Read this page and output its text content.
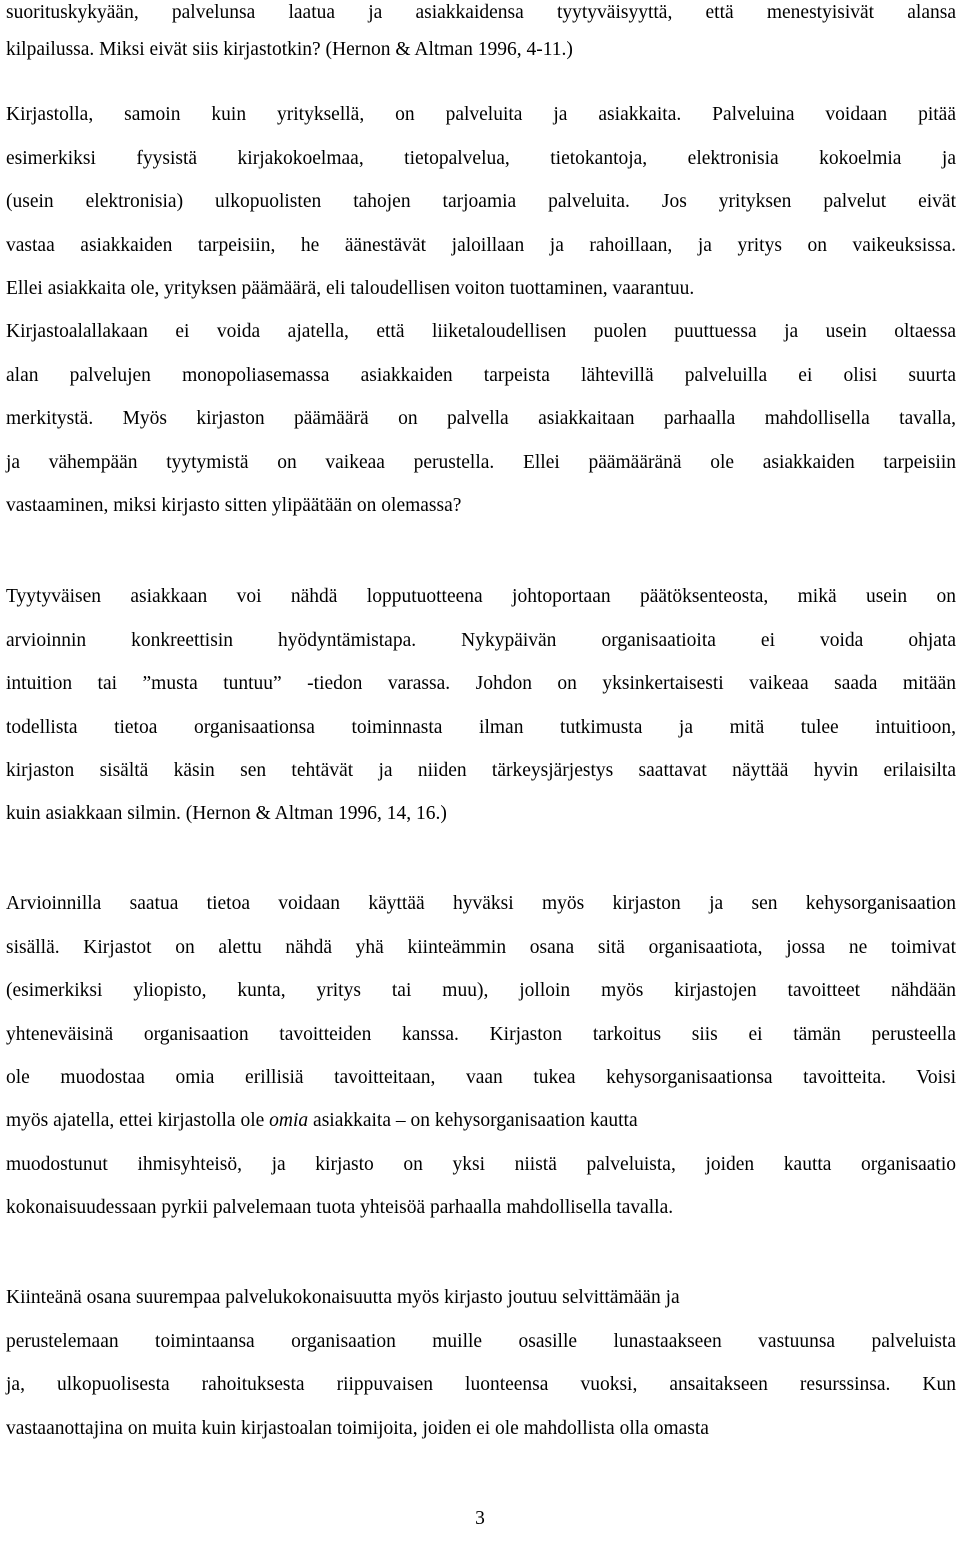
suorituskykyään, palvelunsa laatua ja asiakkaidensa tyytyväisyyttä, että menestyisivät alansa
kilpailussa. Miksi eivät siis kirjastotkin? (Hernon & Altman 1996, 4-11.)
Kirjastolla, samoin kuin yrityksellä, on palveluita ja asiakkaita. Palveluina voidaan pitää
esimerkiksi fyysistä kirjakokoelmaa, tietopalvelua, tietokantoja, elektronisia kokoelmia ja
(usein elektronisia) ulkopuolisten tahojen tarjoamia palveluita. Jos yrityksen palvelut eivät
vastaa asiakkaiden tarpeisiin, he äänestävät jaloillaan ja rahoillaan, ja yritys on vaikeuksissa.
Ellei asiakkaita ole, yrityksen päämäärä, eli taloudellisen voiton tuottaminen, vaarantuu.
Kirjastoalallakaan ei voida ajatella, että liiketaloudellisen puolen puuttuessa ja usein oltaessa
alan palvelujen monopoliasemassa asiakkaiden tarpeista lähtevillä palveluilla ei olisi suurta
merkitystä. Myös kirjaston päämäärä on palvella asiakkaitaan parhaalla mahdollisella tavalla,
ja vähempään tyytymistä on vaikeaa perustella. Ellei päämääränä ole asiakkaiden tarpeisiin
vastaaminen, miksi kirjasto sitten ylipäätään on olemassa?
Tyytyväisen asiakkaan voi nähdä lopputuotteena johtoportaan päätöksenteosta, mikä usein on
arvioinnin konkreettisin hyödyntämistapa. Nykypäivän organisaatioita ei voida ohjata
intuition tai ”musta tuntuu” -tiedon varassa. Johdon on yksinkertaisesti vaikeaa saada mitään
todellista tietoa organisaationsa toiminnasta ilman tutkimusta ja mitä tulee intuitioon,
kirjaston sisältä käsin sen tehtävät ja niiden tärkeysjärjestys saattavat näyttää hyvin erilaisilta
kuin asiakkaan silmin. (Hernon & Altman 1996, 14, 16.)
Arvioinnilla saatua tietoa voidaan käyttää hyväksi myös kirjaston ja sen kehysorganisaation
sisällä. Kirjastot on alettu nähdä yhä kiinteämmin osana sitä organisaatiota, jossa ne toimivat
(esimerkiksi yliopisto, kunta, yritys tai muu), jolloin myös kirjastojen tavoitteet nähdään
yhteneväisinä organisaation tavoitteiden kanssa. Kirjaston tarkoitus siis ei tämän perusteella
ole muodostaa omia erillisiä tavoitteitaan, vaan tukea kehysorganisaationsa tavoitteita. Voisi
myös ajatella, ettei kirjastolla ole omia asiakkaita – on kehysorganisaation kautta
muodostunut ihmisyhteisö, ja kirjasto on yksi niistä palveluista, joiden kautta organisaatio
kokonaisuudessaan pyrkii palvelemaan tuota yhteisöä parhaalla mahdollisella tavalla.
Kiinteänä osana suurempaa palvelukokonaisuutta myös kirjasto joutuu selvittämään ja
perustelemaan toimintaansa organisaation muille osasille lunastaakseen vastuunsa palveluista
ja, ulkopuolisesta rahoituksesta riippuvaisen luonteensa vuoksi, ansaitakseen resurssinsa. Kun
vastaanottajina on muita kuin kirjastoalan toimijoita, joiden ei ole mahdollista olla omasta
3
